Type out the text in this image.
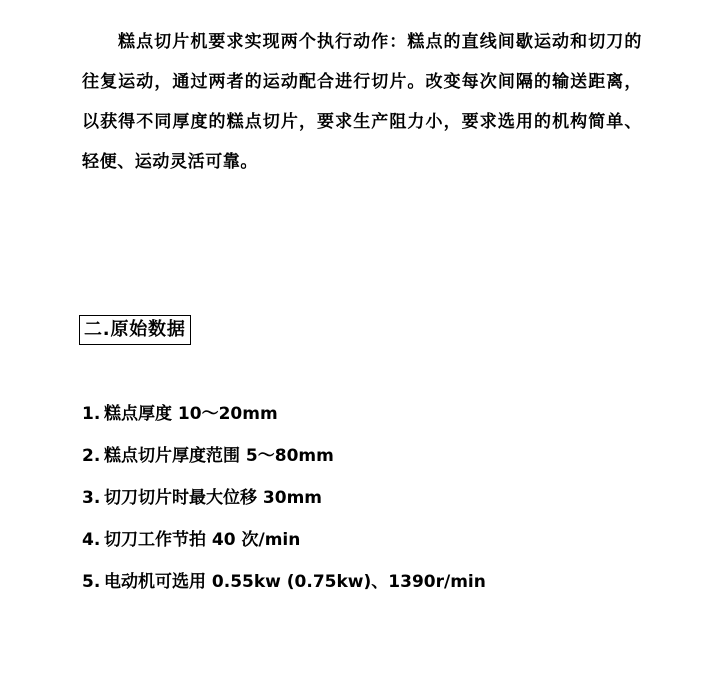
糕点切片机要求实现两个执行动作：糕点的直线间歇运动和切刀的往复运动，通过两者的运动配合进行切片。改变每次间隔的输送距离，以获得不同厚度的糕点切片，要求生产阻力小，要求选用的机构简单、轻便、运动灵活可靠。

二.原始数据
1. 糕点厚度 10～20mm
2. 糕点切片厚度范围 5～80mm
3. 切刀切片时最大位移 30mm
4. 切刀工作节拍 40 次/min
5. 电动机可选用 0.55kw (0.75kw)、1390r/min
